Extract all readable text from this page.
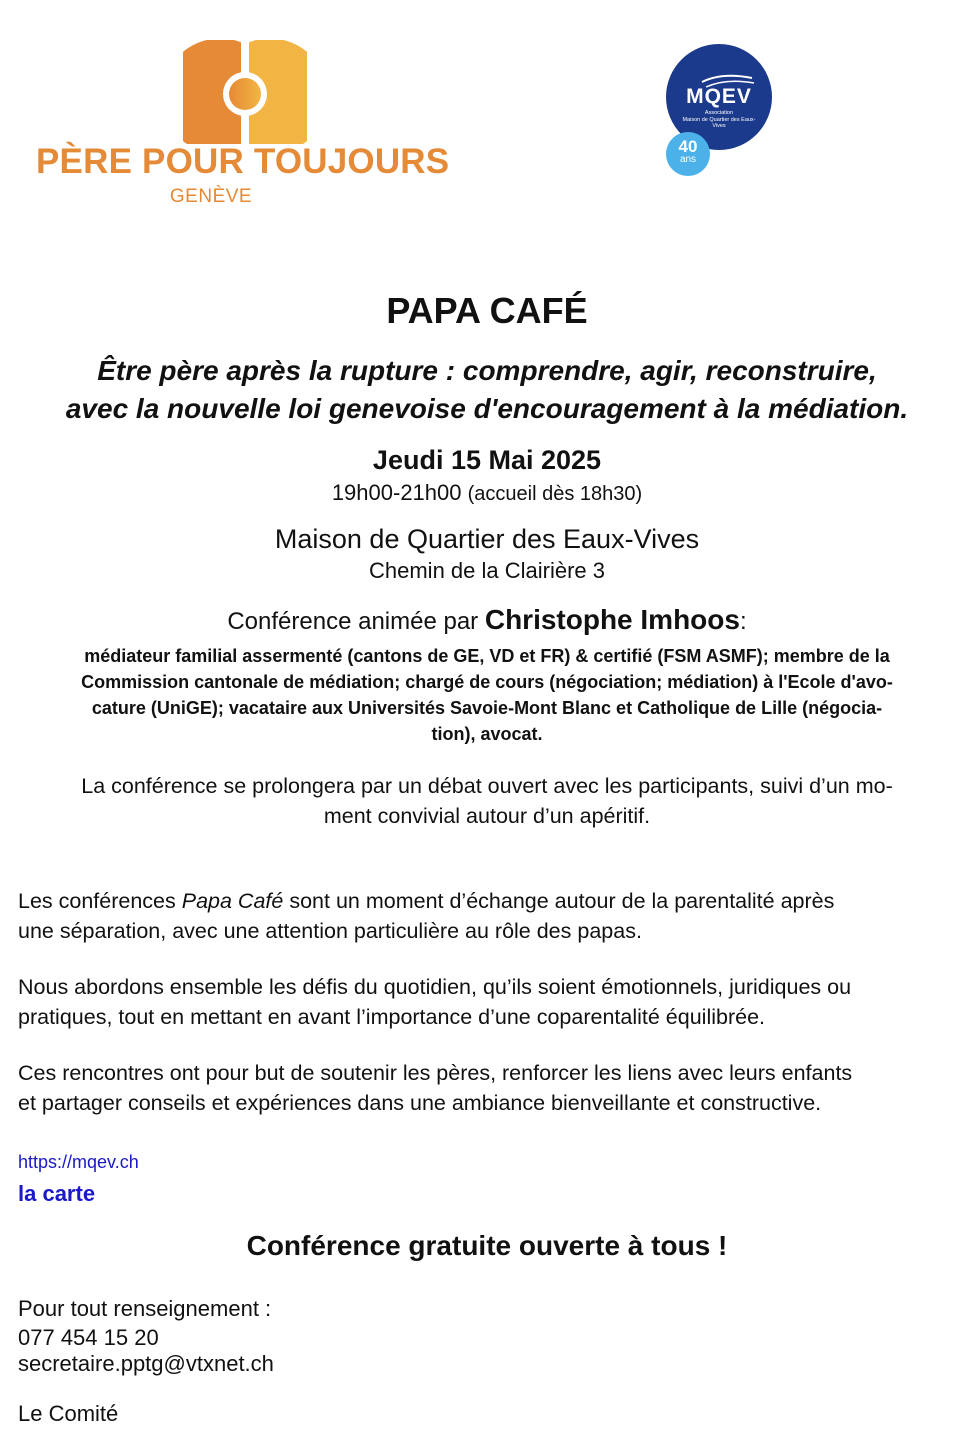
PÈRE POUR TOUJOURS
GENÈVE
MQEV
Association
Maison de Quartier des Eaux-Vives
40
ans
PAPA CAFÉ
Être père après la rupture : comprendre, agir, reconstruire,
avec la nouvelle loi genevoise d'encouragement à la médiation.
Jeudi 15 Mai 2025
19h00-21h00 (accueil dès 18h30)
Maison de Quartier des Eaux-Vives
Chemin de la Clairière 3
Conférence animée par Christophe Imhoos:
médiateur familial assermenté (cantons de GE, VD et FR) & certifié (FSM ASMF); membre de la
Commission cantonale de médiation; chargé de cours (négociation; médiation) à l'Ecole d'avo-
cature (UniGE); vacataire aux Universités Savoie-Mont Blanc et Catholique de Lille (négocia-
tion), avocat.
La conférence se prolongera par un débat ouvert avec les participants, suivi d’un mo-
ment convivial autour d’un apéritif.
Les conférences Papa Café sont un moment d’échange autour de la parentalité après
une séparation, avec une attention particulière au rôle des papas.
Nous abordons ensemble les défis du quotidien, qu’ils soient émotionnels, juridiques ou
pratiques, tout en mettant en avant l’importance d’une coparentalité équilibrée.
Ces rencontres ont pour but de soutenir les pères, renforcer les liens avec leurs enfants
et partager conseils et expériences dans une ambiance bienveillante et constructive.
https://mqev.ch
la carte
Conférence gratuite ouverte à tous !
Pour tout renseignement :
077 454 15 20
secretaire.pptg@vtxnet.ch
Le Comité
